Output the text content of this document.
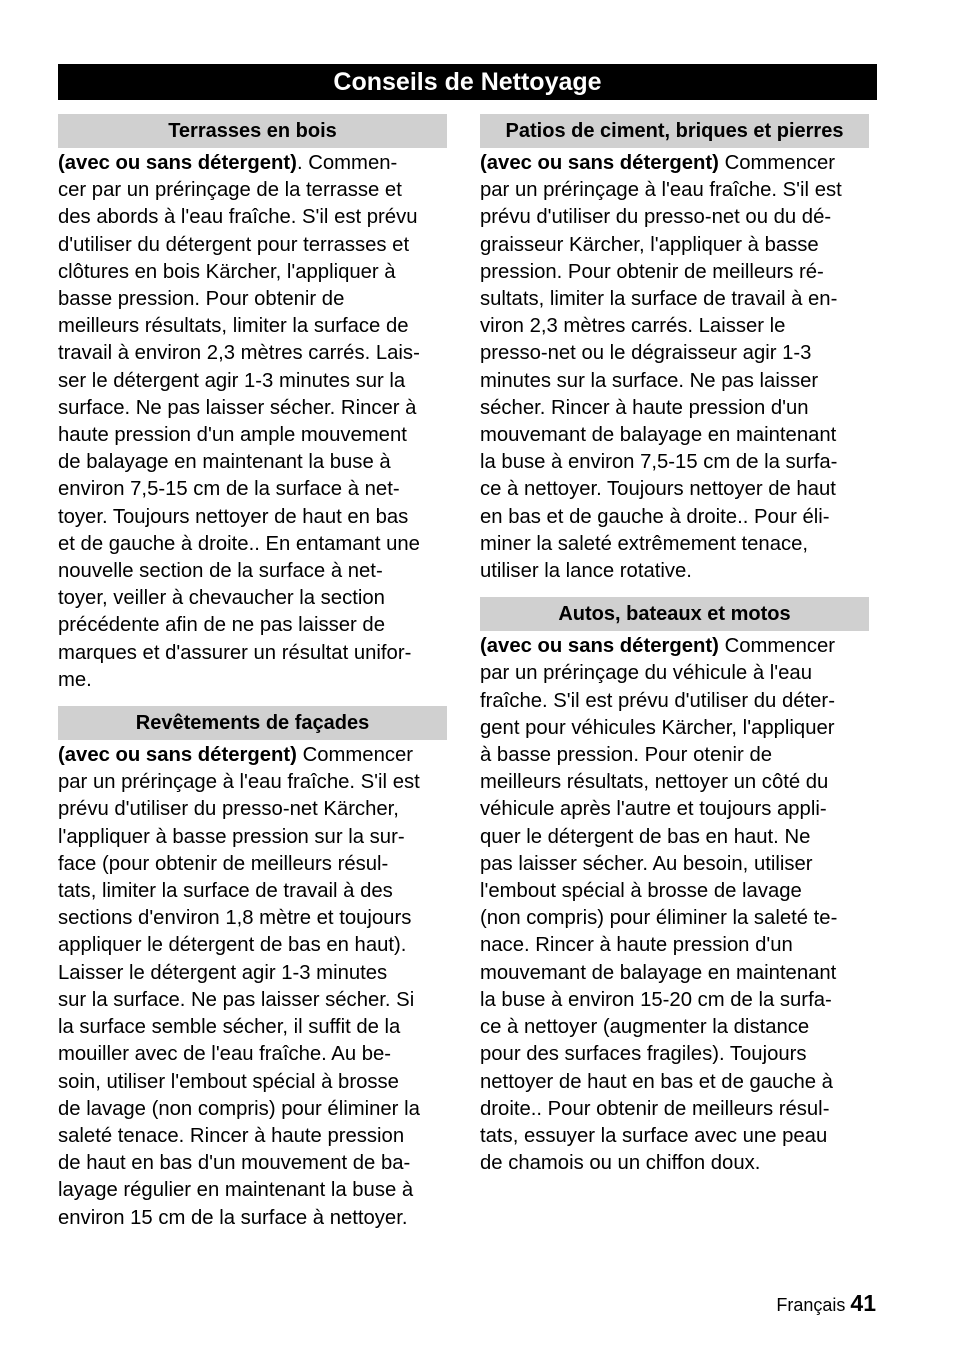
Conseils de Nettoyage
Terrasses en bois
(avec ou sans détergent). Commen-
cer par un prérinçage de la terrasse et
des abords à l'eau fraîche. S'il est prévu
d'utiliser du détergent pour terrasses et
clôtures en bois Kärcher, l'appliquer à
basse pression. Pour obtenir de
meilleurs résultats, limiter la surface de
travail à environ 2,3 mètres carrés. Lais-
ser le détergent agir 1-3 minutes sur la
surface. Ne pas laisser sécher. Rincer à
haute pression d'un ample mouvement
de balayage en maintenant la buse à
environ 7,5-15 cm de la surface à net-
toyer. Toujours nettoyer de haut en bas
et de gauche à droite.. En entamant une
nouvelle section de la surface à net-
toyer, veiller à chevaucher la section
précédente afin de ne pas laisser de
marques et d'assurer un résultat unifor-
me.
Revêtements de façades
(avec ou sans détergent) Commencer
par un prérinçage à l'eau fraîche. S'il est
prévu d'utiliser du presso-net Kärcher,
l'appliquer à basse pression sur la sur-
face (pour obtenir de meilleurs résul-
tats, limiter la surface de travail à des
sections d'environ 1,8 mètre et toujours
appliquer le détergent de bas en haut).
Laisser le détergent agir 1-3 minutes
sur la surface. Ne pas laisser sécher. Si
la surface semble sécher, il suffit de la
mouiller avec de l'eau fraîche. Au be-
soin, utiliser l'embout spécial à brosse
de lavage (non compris) pour éliminer la
saleté tenace. Rincer à haute pression
de haut en bas d'un mouvement de ba-
layage régulier en maintenant la buse à
environ 15 cm de la surface à nettoyer.
Patios de ciment, briques et pierres
(avec ou sans détergent) Commencer
par un prérinçage à l'eau fraîche. S'il est
prévu d'utiliser du presso-net ou du dé-
graisseur Kärcher, l'appliquer à basse
pression. Pour obtenir de meilleurs ré-
sultats, limiter la surface de travail à en-
viron 2,3 mètres carrés. Laisser le
presso-net ou le dégraisseur agir 1-3
minutes sur la surface. Ne pas laisser
sécher. Rincer à haute pression d'un
mouvemant de balayage en maintenant
la buse à environ 7,5-15 cm de la surfa-
ce à nettoyer. Toujours nettoyer de haut
en bas et de gauche à droite.. Pour éli-
miner la saleté extrêmement tenace,
utiliser la lance rotative.
Autos, bateaux et motos
(avec ou sans détergent) Commencer
par un prérinçage du véhicule à l'eau
fraîche. S'il est prévu d'utiliser du déter-
gent pour véhicules Kärcher, l'appliquer
à basse pression. Pour otenir de
meilleurs résultats, nettoyer un côté du
véhicule après l'autre et toujours appli-
quer le détergent de bas en haut. Ne
pas laisser sécher. Au besoin, utiliser
l'embout spécial à brosse de lavage
(non compris) pour éliminer la saleté te-
nace. Rincer à haute pression d'un
mouvemant de balayage en maintenant
la buse à environ 15-20 cm de la surfa-
ce à nettoyer (augmenter la distance
pour des surfaces fragiles). Toujours
nettoyer de haut en bas et de gauche à
droite.. Pour obtenir de meilleurs résul-
tats, essuyer la surface avec une peau
de chamois ou un chiffon doux.
Français 41
